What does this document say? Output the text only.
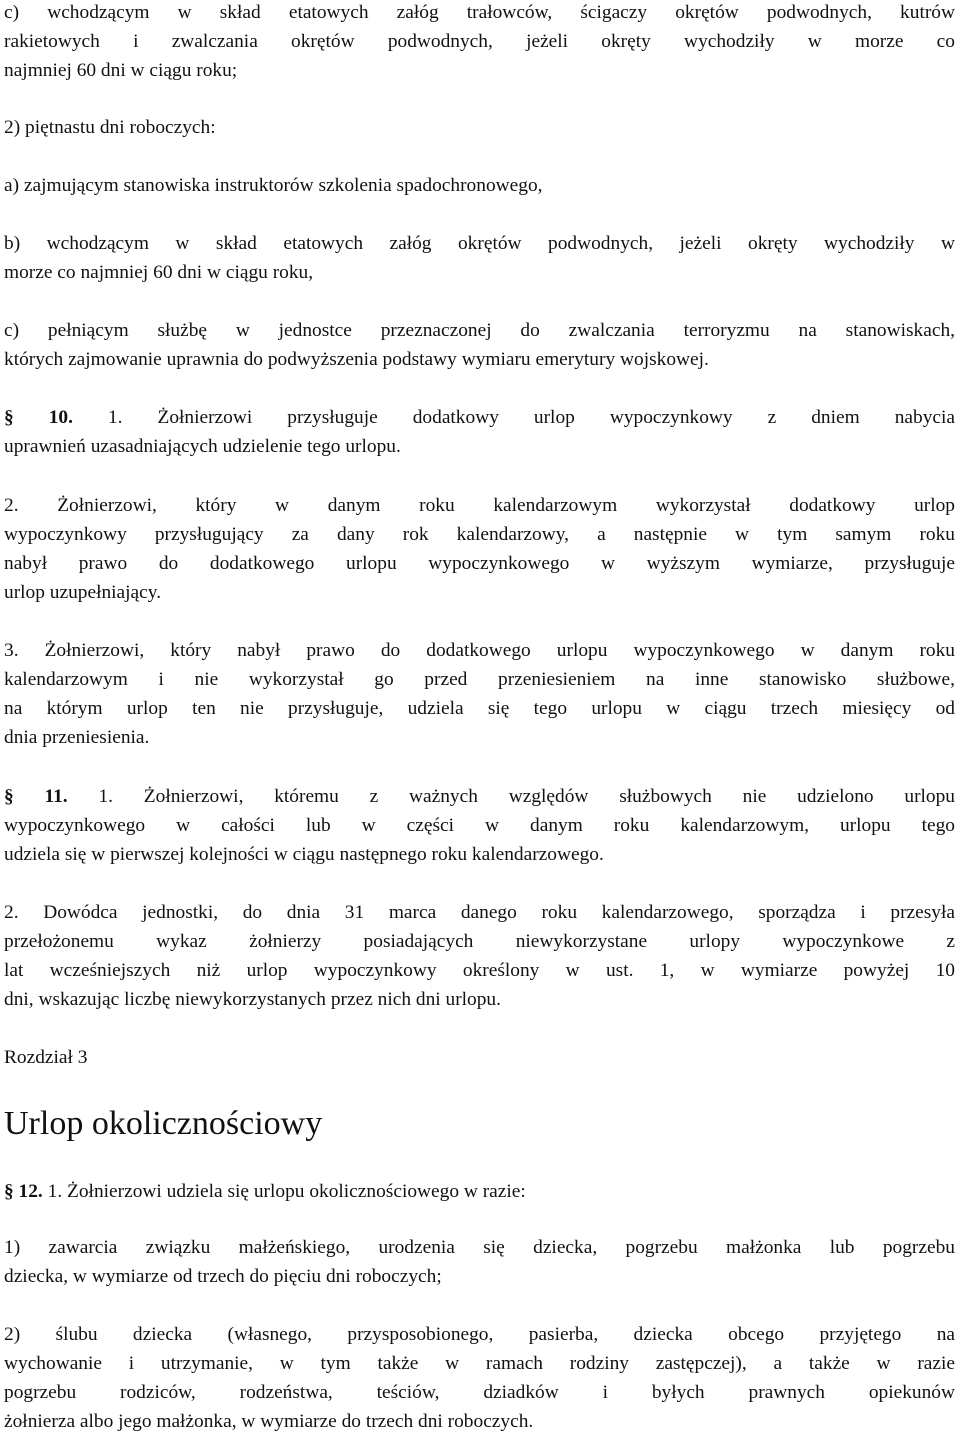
c) wchodzącym w skład etatowych załóg trałowców, ścigaczy okrętów podwodnych, kutrów
rakietowych i zwalczania okrętów podwodnych, jeżeli okręty wychodziły w morze co
najmniej 60 dni w ciągu roku;
2) piętnastu dni roboczych:
a) zajmującym stanowiska instruktorów szkolenia spadochronowego,
b) wchodzącym w skład etatowych załóg okrętów podwodnych, jeżeli okręty wychodziły w
morze co najmniej 60 dni w ciągu roku,
c) pełniącym służbę w jednostce przeznaczonej do zwalczania terroryzmu na stanowiskach,
których zajmowanie uprawnia do podwyższenia podstawy wymiaru emerytury wojskowej.
§ 10. 1. Żołnierzowi przysługuje dodatkowy urlop wypoczynkowy z dniem nabycia
uprawnień uzasadniających udzielenie tego urlopu.
2. Żołnierzowi, który w danym roku kalendarzowym wykorzystał dodatkowy urlop
wypoczynkowy przysługujący za dany rok kalendarzowy, a następnie w tym samym roku
nabył prawo do dodatkowego urlopu wypoczynkowego w wyższym wymiarze, przysługuje
urlop uzupełniający.
3. Żołnierzowi, który nabył prawo do dodatkowego urlopu wypoczynkowego w danym roku
kalendarzowym i nie wykorzystał go przed przeniesieniem na inne stanowisko służbowe,
na którym urlop ten nie przysługuje, udziela się tego urlopu w ciągu trzech miesięcy od
dnia przeniesienia.
§ 11. 1. Żołnierzowi, któremu z ważnych względów służbowych nie udzielono urlopu
wypoczynkowego w całości lub w części w danym roku kalendarzowym, urlopu tego
udziela się w pierwszej kolejności w ciągu następnego roku kalendarzowego.
2. Dowódca jednostki, do dnia 31 marca danego roku kalendarzowego, sporządza i przesyła
przełożonemu wykaz żołnierzy posiadających niewykorzystane urlopy wypoczynkowe z
lat wcześniejszych niż urlop wypoczynkowy określony w ust. 1, w wymiarze powyżej 10
dni, wskazując liczbę niewykorzystanych przez nich dni urlopu.
Rozdział 3
Urlop okolicznościowy
§ 12. 1. Żołnierzowi udziela się urlopu okolicznościowego w razie:
1) zawarcia związku małżeńskiego, urodzenia się dziecka, pogrzebu małżonka lub pogrzebu
dziecka, w wymiarze od trzech do pięciu dni roboczych;
2) ślubu dziecka (własnego, przysposobionego, pasierba, dziecka obcego przyjętego na
wychowanie i utrzymanie, w tym także w ramach rodziny zastępczej), a także w razie
pogrzebu rodziców, rodzeństwa, teściów, dziadków i byłych prawnych opiekunów
żołnierza albo jego małżonka, w wymiarze do trzech dni roboczych.
